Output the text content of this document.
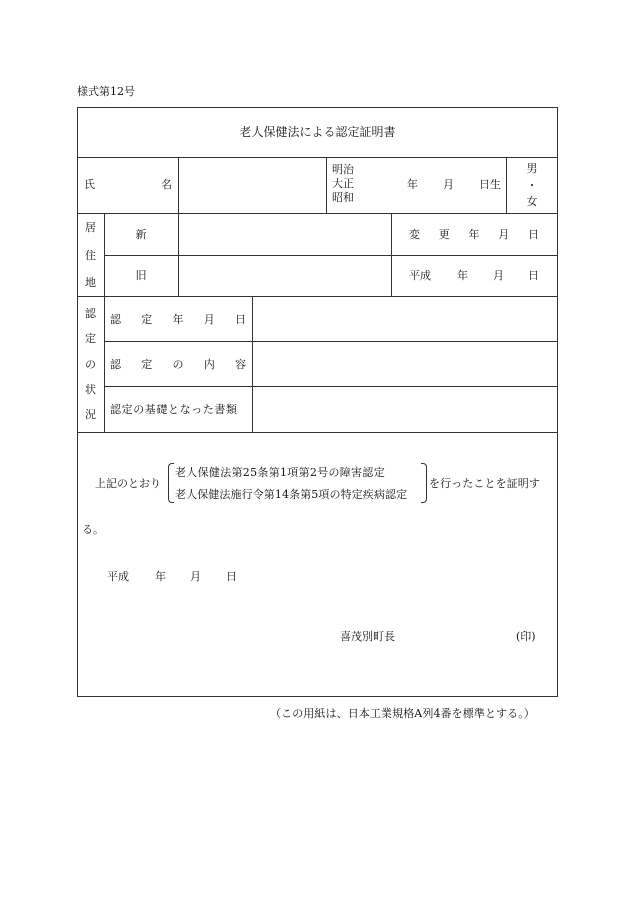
様式第12号
老人保健法による認定証明書
氏	名
明治
大正
昭和
年 月 日生
男
・
女
居
住
地
新
旧
変 更 年 月 日
平成 年 月 日
認
定
の
状
況
認 定 年 月 日
認 定 の 内 容
認定の基礎となった書類
上記のとおり
老人保健法第25条第1項第2号の障害認定
老人保健法施行令第14条第5項の特定疾病認定
を行ったことを証明す
る。
平成 年 月 日
喜茂別町長	(印)
（この用紙は、日本工業規格A列4番を標準とする。）
